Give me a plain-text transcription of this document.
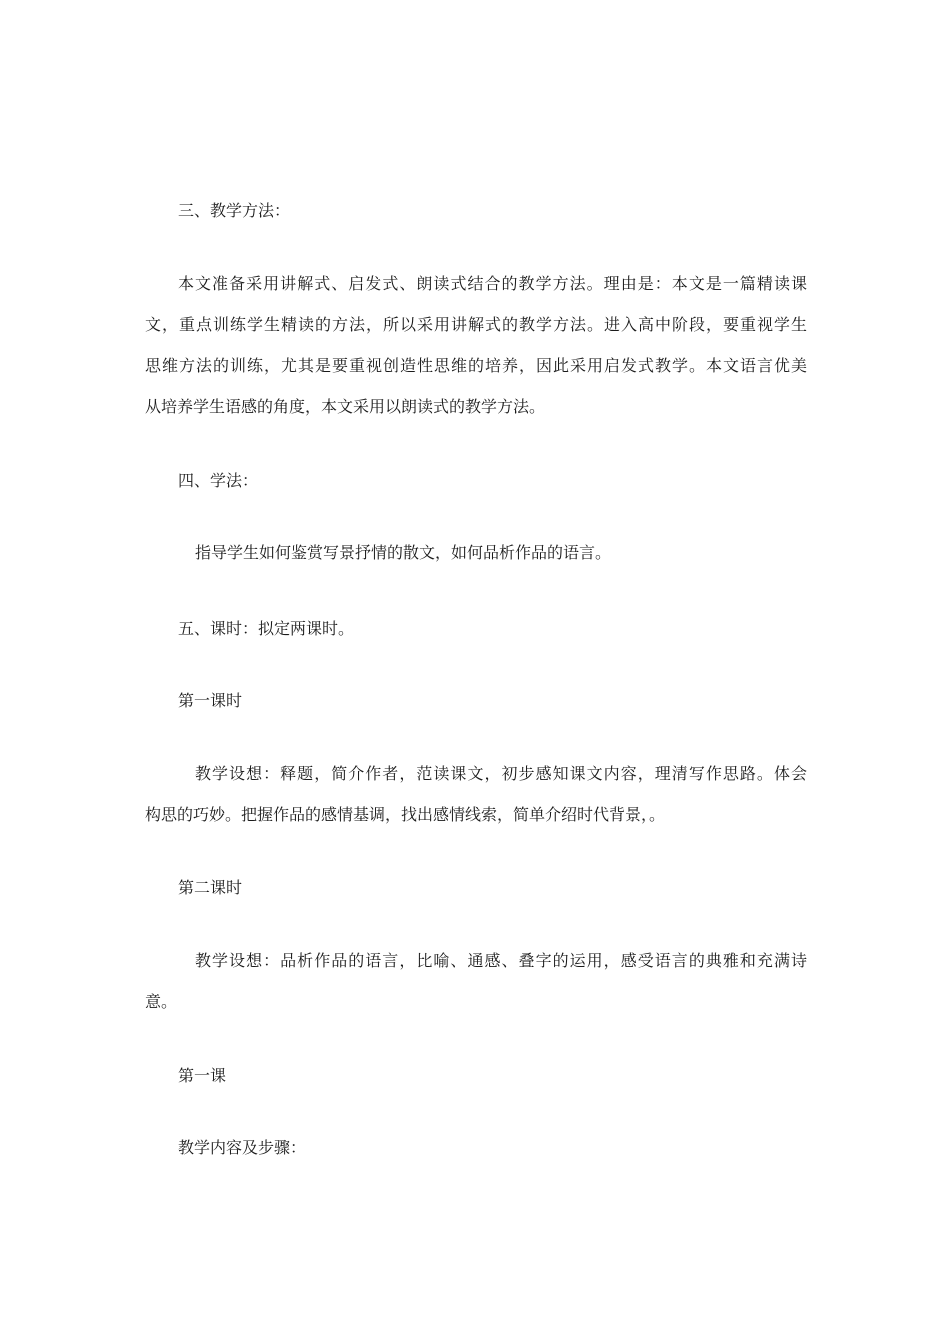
三、教学方法：
本文准备采用讲解式、启发式、朗读式结合的教学方法。理由是：本文是一篇精读课
文，重点训练学生精读的方法，所以采用讲解式的教学方法。进入高中阶段，要重视学生
思维方法的训练，尤其是要重视创造性思维的培养，因此采用启发式教学。本文语言优美
从培养学生语感的角度，本文采用以朗读式的教学方法。
四、学法：
指导学生如何鉴赏写景抒情的散文，如何品析作品的语言。
五、课时：拟定两课时。
第一课时
教学设想：释题，简介作者，范读课文，初步感知课文内容，理清写作思路。体会
构思的巧妙。把握作品的感情基调，找出感情线索，简单介绍时代背景，。
第二课时
教学设想：品析作品的语言，比喻、通感、叠字的运用，感受语言的典雅和充满诗
意。
第一课
教学内容及步骤：
